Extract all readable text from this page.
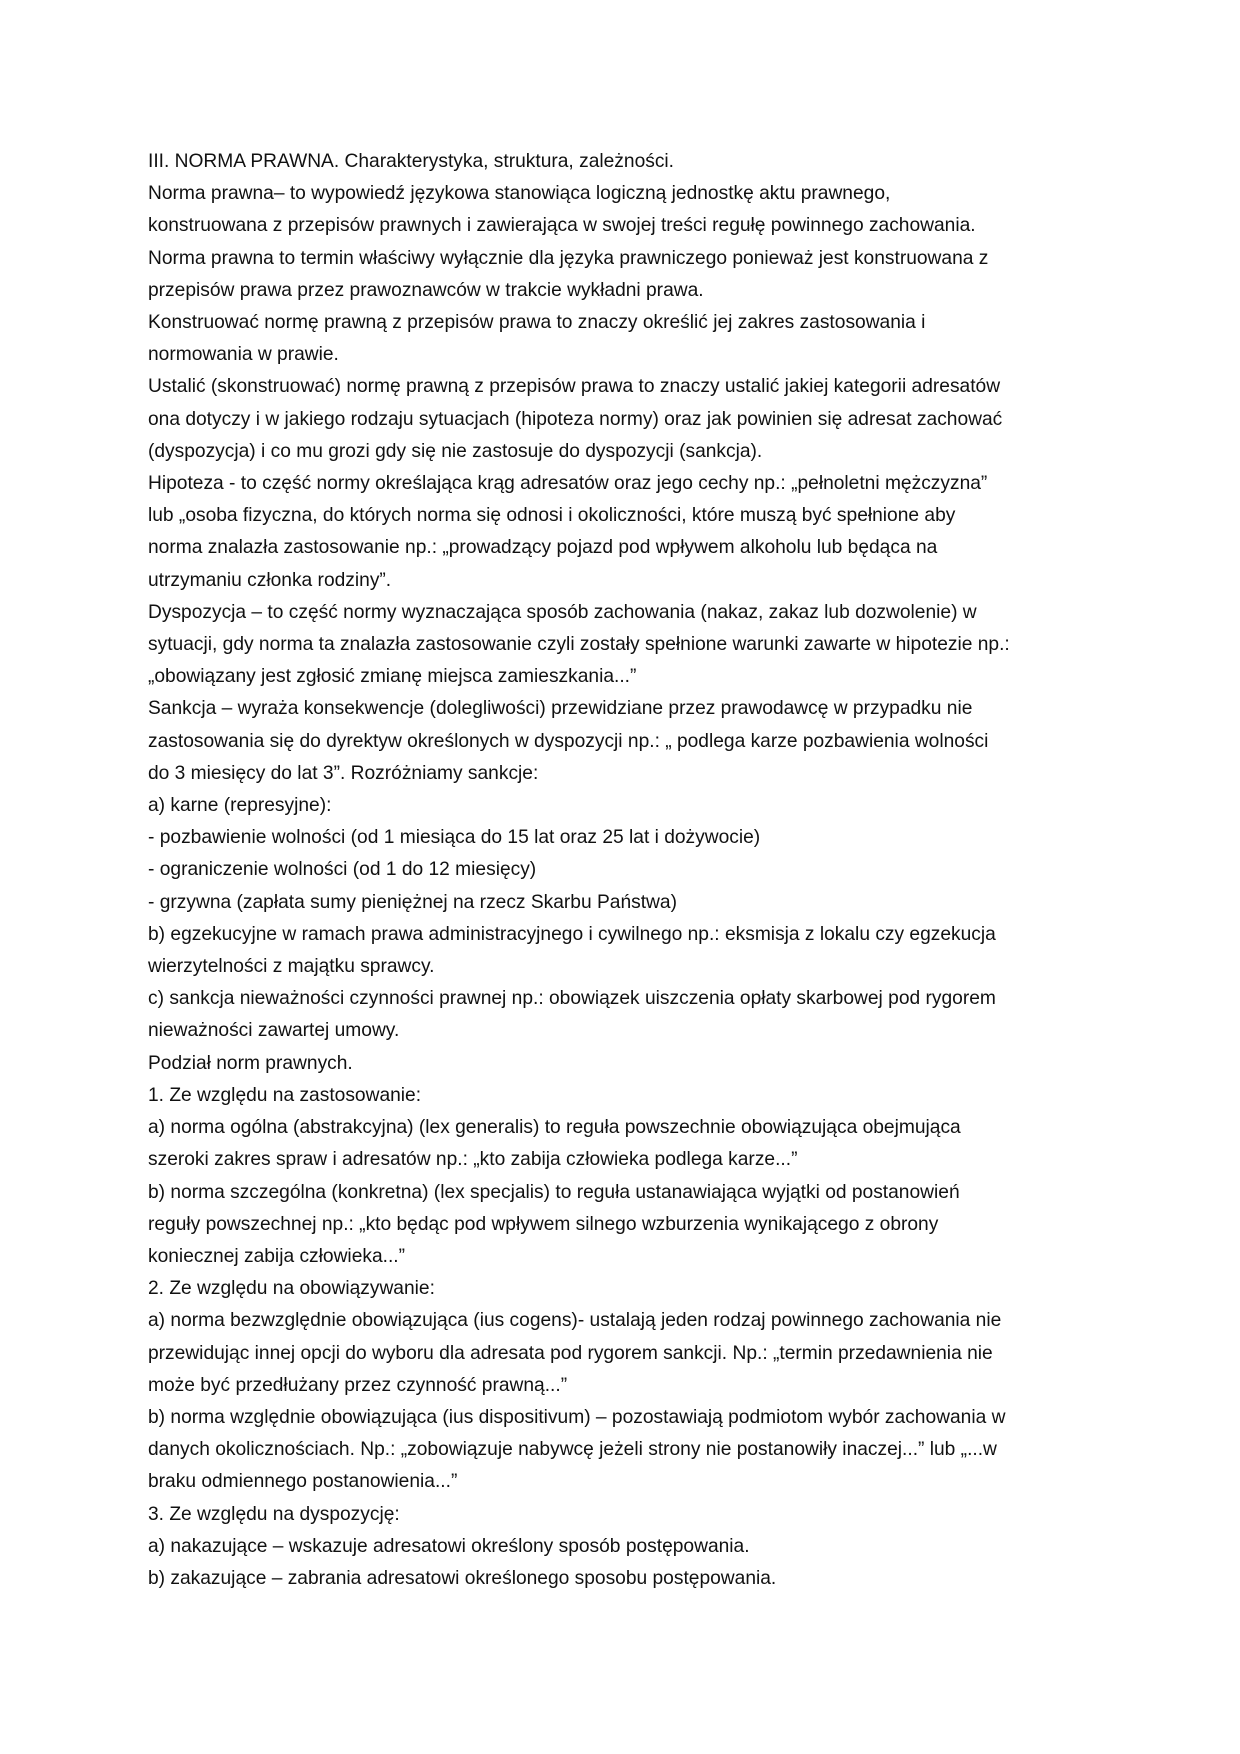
III. NORMA PRAWNA. Charakterystyka, struktura, zależności.
Norma prawna– to wypowiedź językowa stanowiąca logiczną jednostkę aktu prawnego,
konstruowana z przepisów prawnych i zawierająca w swojej treści regułę powinnego zachowania.
Norma prawna to termin właściwy wyłącznie dla języka prawniczego ponieważ jest konstruowana z
przepisów prawa przez prawoznawców w trakcie wykładni prawa.
Konstruować normę prawną z przepisów prawa to znaczy określić jej zakres zastosowania i
normowania w prawie.
Ustalić (skonstruować) normę prawną z przepisów prawa to znaczy ustalić jakiej kategorii adresatów
ona dotyczy i w jakiego rodzaju sytuacjach (hipoteza normy) oraz jak powinien się adresat zachować
(dyspozycja) i co mu grozi gdy się nie zastosuje do dyspozycji (sankcja).
Hipoteza - to część normy określająca krąg adresatów oraz jego cechy np.: „pełnoletni mężczyzna”
lub „osoba fizyczna, do których norma się odnosi i okoliczności, które muszą być spełnione aby
norma znalazła zastosowanie np.: „prowadzący pojazd pod wpływem alkoholu lub będąca na
utrzymaniu członka rodziny”.
Dyspozycja – to część normy wyznaczająca sposób zachowania (nakaz, zakaz lub dozwolenie) w
sytuacji, gdy norma ta znalazła zastosowanie czyli zostały spełnione warunki zawarte w hipotezie np.:
„obowiązany jest zgłosić zmianę miejsca zamieszkania...”
Sankcja – wyraża konsekwencje (dolegliwości) przewidziane przez prawodawcę w przypadku nie
zastosowania się do dyrektyw określonych w dyspozycji np.: „ podlega karze pozbawienia wolności
do 3 miesięcy do lat 3”. Rozróżniamy sankcje:
a) karne (represyjne):
- pozbawienie wolności (od 1 miesiąca do 15 lat oraz 25 lat i dożywocie)
- ograniczenie wolności (od 1 do 12 miesięcy)
- grzywna (zapłata sumy pieniężnej na rzecz Skarbu Państwa)
b) egzekucyjne w ramach prawa administracyjnego i cywilnego np.: eksmisja z lokalu czy egzekucja
wierzytelności z majątku sprawcy.
c) sankcja nieważności czynności prawnej np.: obowiązek uiszczenia opłaty skarbowej pod rygorem
nieważności zawartej umowy.
Podział norm prawnych.
1. Ze względu na zastosowanie:
a) norma ogólna (abstrakcyjna) (lex generalis) to reguła powszechnie obowiązująca obejmująca
szeroki zakres spraw i adresatów np.: „kto zabija człowieka podlega karze...”
b) norma szczególna (konkretna) (lex specjalis) to reguła ustanawiająca wyjątki od postanowień
reguły powszechnej np.: „kto będąc pod wpływem silnego wzburzenia wynikającego z obrony
koniecznej zabija człowieka...”
2. Ze względu na obowiązywanie:
a) norma bezwzględnie obowiązująca (ius cogens)- ustalają jeden rodzaj powinnego zachowania nie
przewidując innej opcji do wyboru dla adresata pod rygorem sankcji. Np.: „termin przedawnienia nie
może być przedłużany przez czynność prawną...”
b) norma względnie obowiązująca (ius dispositivum) – pozostawiają podmiotom wybór zachowania w
danych okolicznościach. Np.: „zobowiązuje nabywcę jeżeli strony nie postanowiły inaczej...” lub „...w
braku odmiennego postanowienia...”
3. Ze względu na dyspozycję:
a) nakazujące – wskazuje adresatowi określony sposób postępowania.
b) zakazujące – zabrania adresatowi określonego sposobu postępowania.
